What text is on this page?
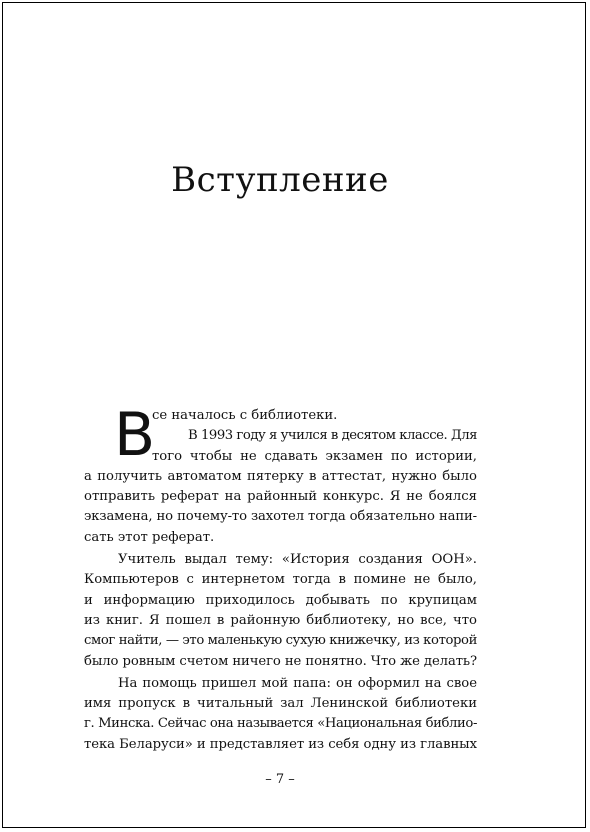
Вступление
В
се началось с библиотеки.
В 1993 году я учился в десятом классе. Для
того чтобы не сдавать экзамен по истории,
а получить автоматом пятерку в аттестат, нужно было
отправить реферат на районный конкурс. Я не боялся
экзамена, но почему-то захотел тогда обязательно напи-
сать этот реферат.
Учитель выдал тему: «История создания ООН».
Компьютеров с интернетом тогда в помине не было,
и информацию приходилось добывать по крупицам
из книг. Я пошел в районную библиотеку, но все, что
смог найти, — это маленькую сухую книжечку, из которой
было ровным счетом ничего не понятно. Что же делать?
На помощь пришел мой папа: он оформил на свое
имя пропуск в читальный зал Ленинской библиотеки
г. Минска. Сейчас она называется «Национальная библио-
тека Беларуси» и представляет из себя одну из главных
– 7 –
